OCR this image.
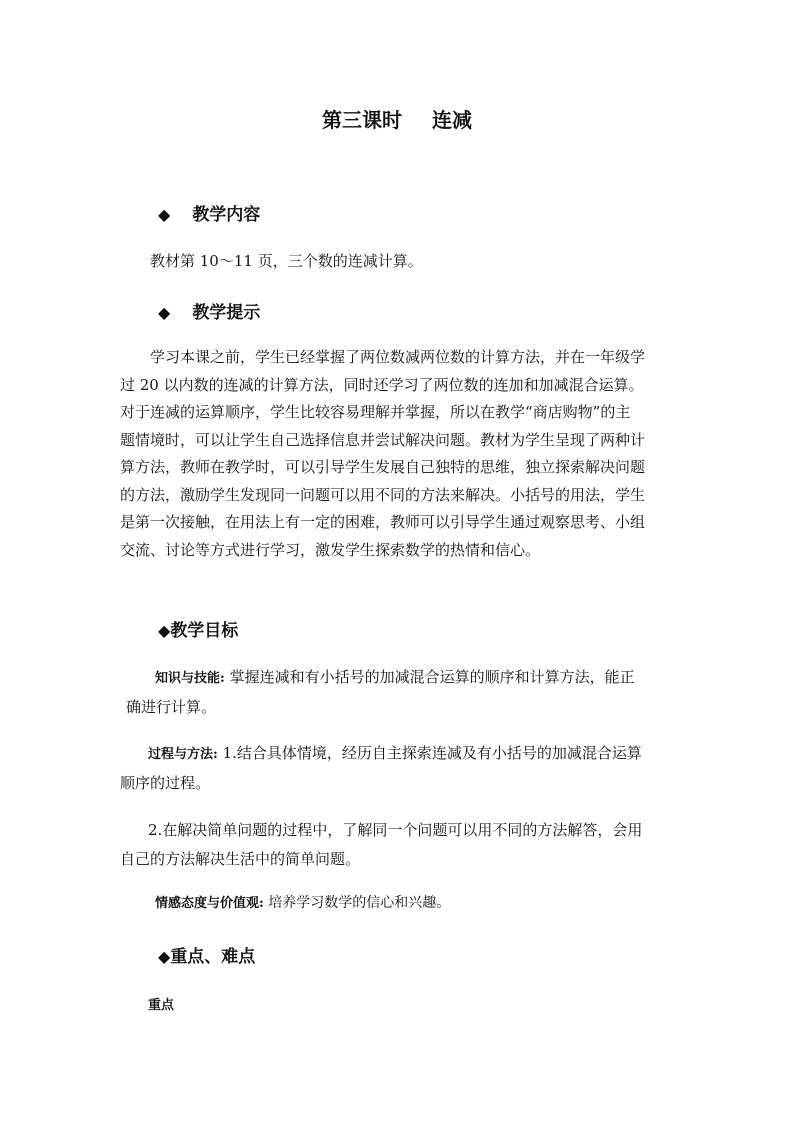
第三课时 连减
◆ 教学内容
教材第 10～11 页，三个数的连减计算。
◆ 教学提示
学习本课之前，学生已经掌握了两位数减两位数的计算方法，并在一年级学
过 20 以内数的连减的计算方法，同时还学习了两位数的连加和加减混合运算。
对于连减的运算顺序，学生比较容易理解并掌握，所以在教学“商店购物”的主
题情境时，可以让学生自己选择信息并尝试解决问题。教材为学生呈现了两种计
算方法，教师在教学时，可以引导学生发展自己独特的思维，独立探索解决问题
的方法，激励学生发现同一问题可以用不同的方法来解决。小括号的用法，学生
是第一次接触，在用法上有一定的困难，教师可以引导学生通过观察思考、小组
交流、讨论等方式进行学习，激发学生探索数学的热情和信心。
◆教学目标
知识与技能: 掌握连减和有小括号的加减混合运算的顺序和计算方法，能正
确进行计算。
过程与方法: 1.结合具体情境，经历自主探索连减及有小括号的加减混合运算
顺序的过程。
2.在解决简单问题的过程中，了解同一个问题可以用不同的方法解答，会用
自己的方法解决生活中的简单问题。
情感态度与价值观: 培养学习数学的信心和兴趣。
◆重点、难点
重点
